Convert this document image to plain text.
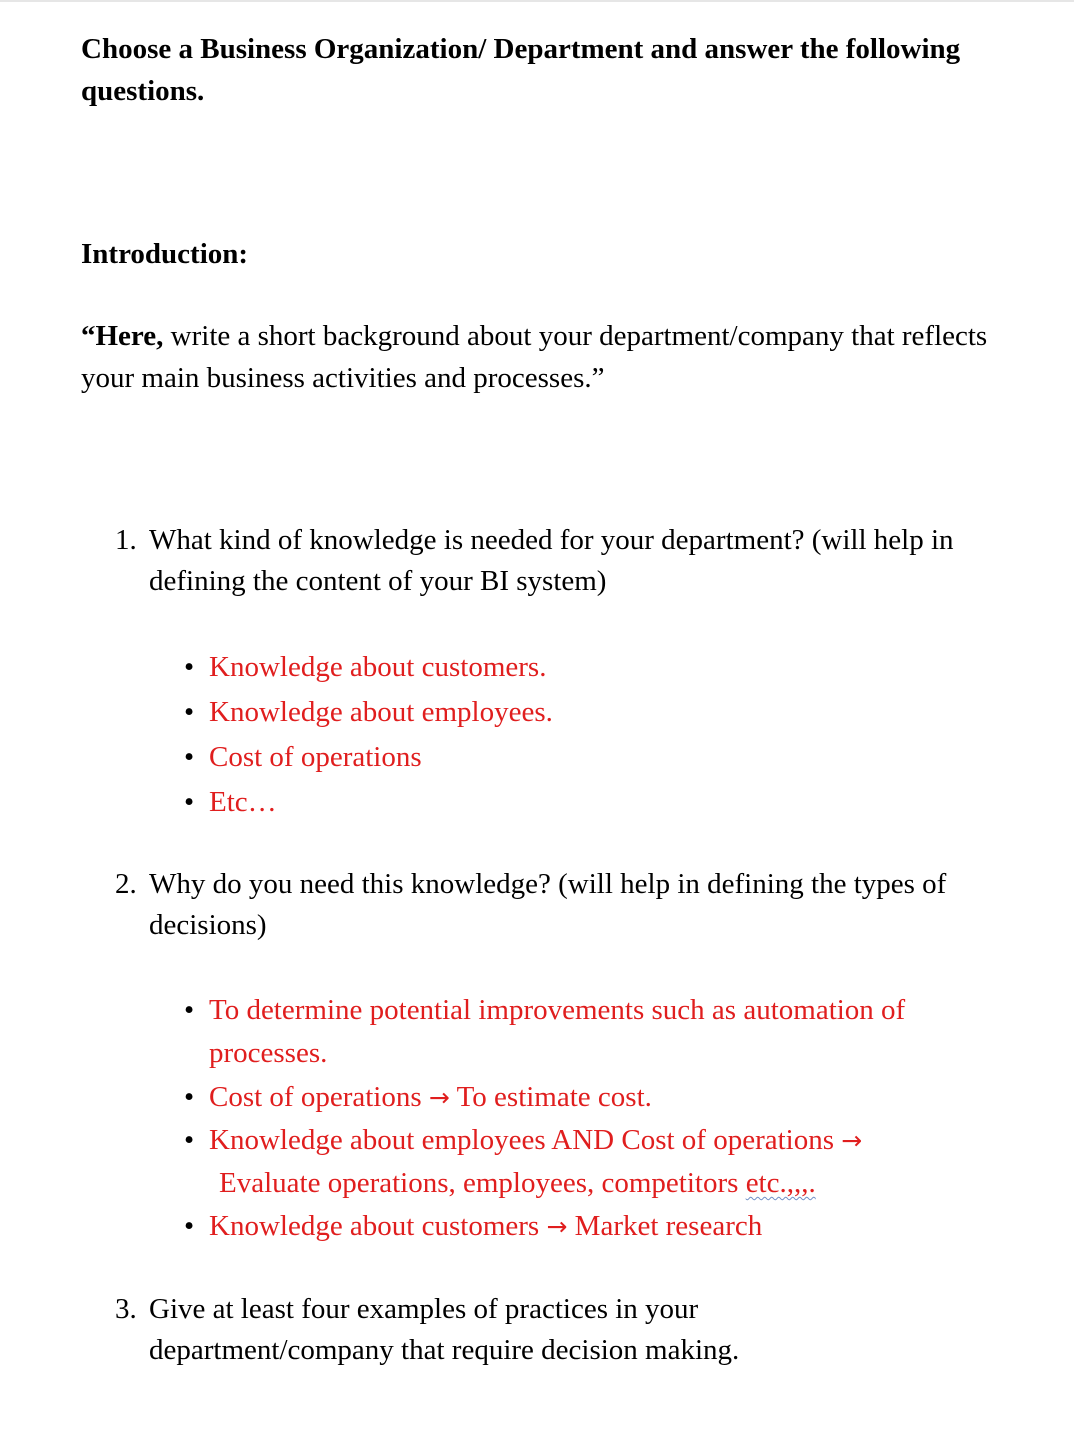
Choose a Business Organization/ Department and answer the following questions.
Introduction:
“Here, write a short background about your department/company that reflects your main business activities and processes.”
1. What kind of knowledge is needed for your department? (will help in defining the content of your BI system)
• Knowledge about customers.
• Knowledge about employees.
• Cost of operations
• Etc…
2. Why do you need this knowledge? (will help in defining the types of decisions)
• To determine potential improvements such as automation of processes.
• Cost of operations → To estimate cost.
• Knowledge about employees AND Cost of operations →
Evaluate operations, employees, competitors etc.,,,.
• Knowledge about customers → Market research
3. Give at least four examples of practices in your department/company that require decision making.
